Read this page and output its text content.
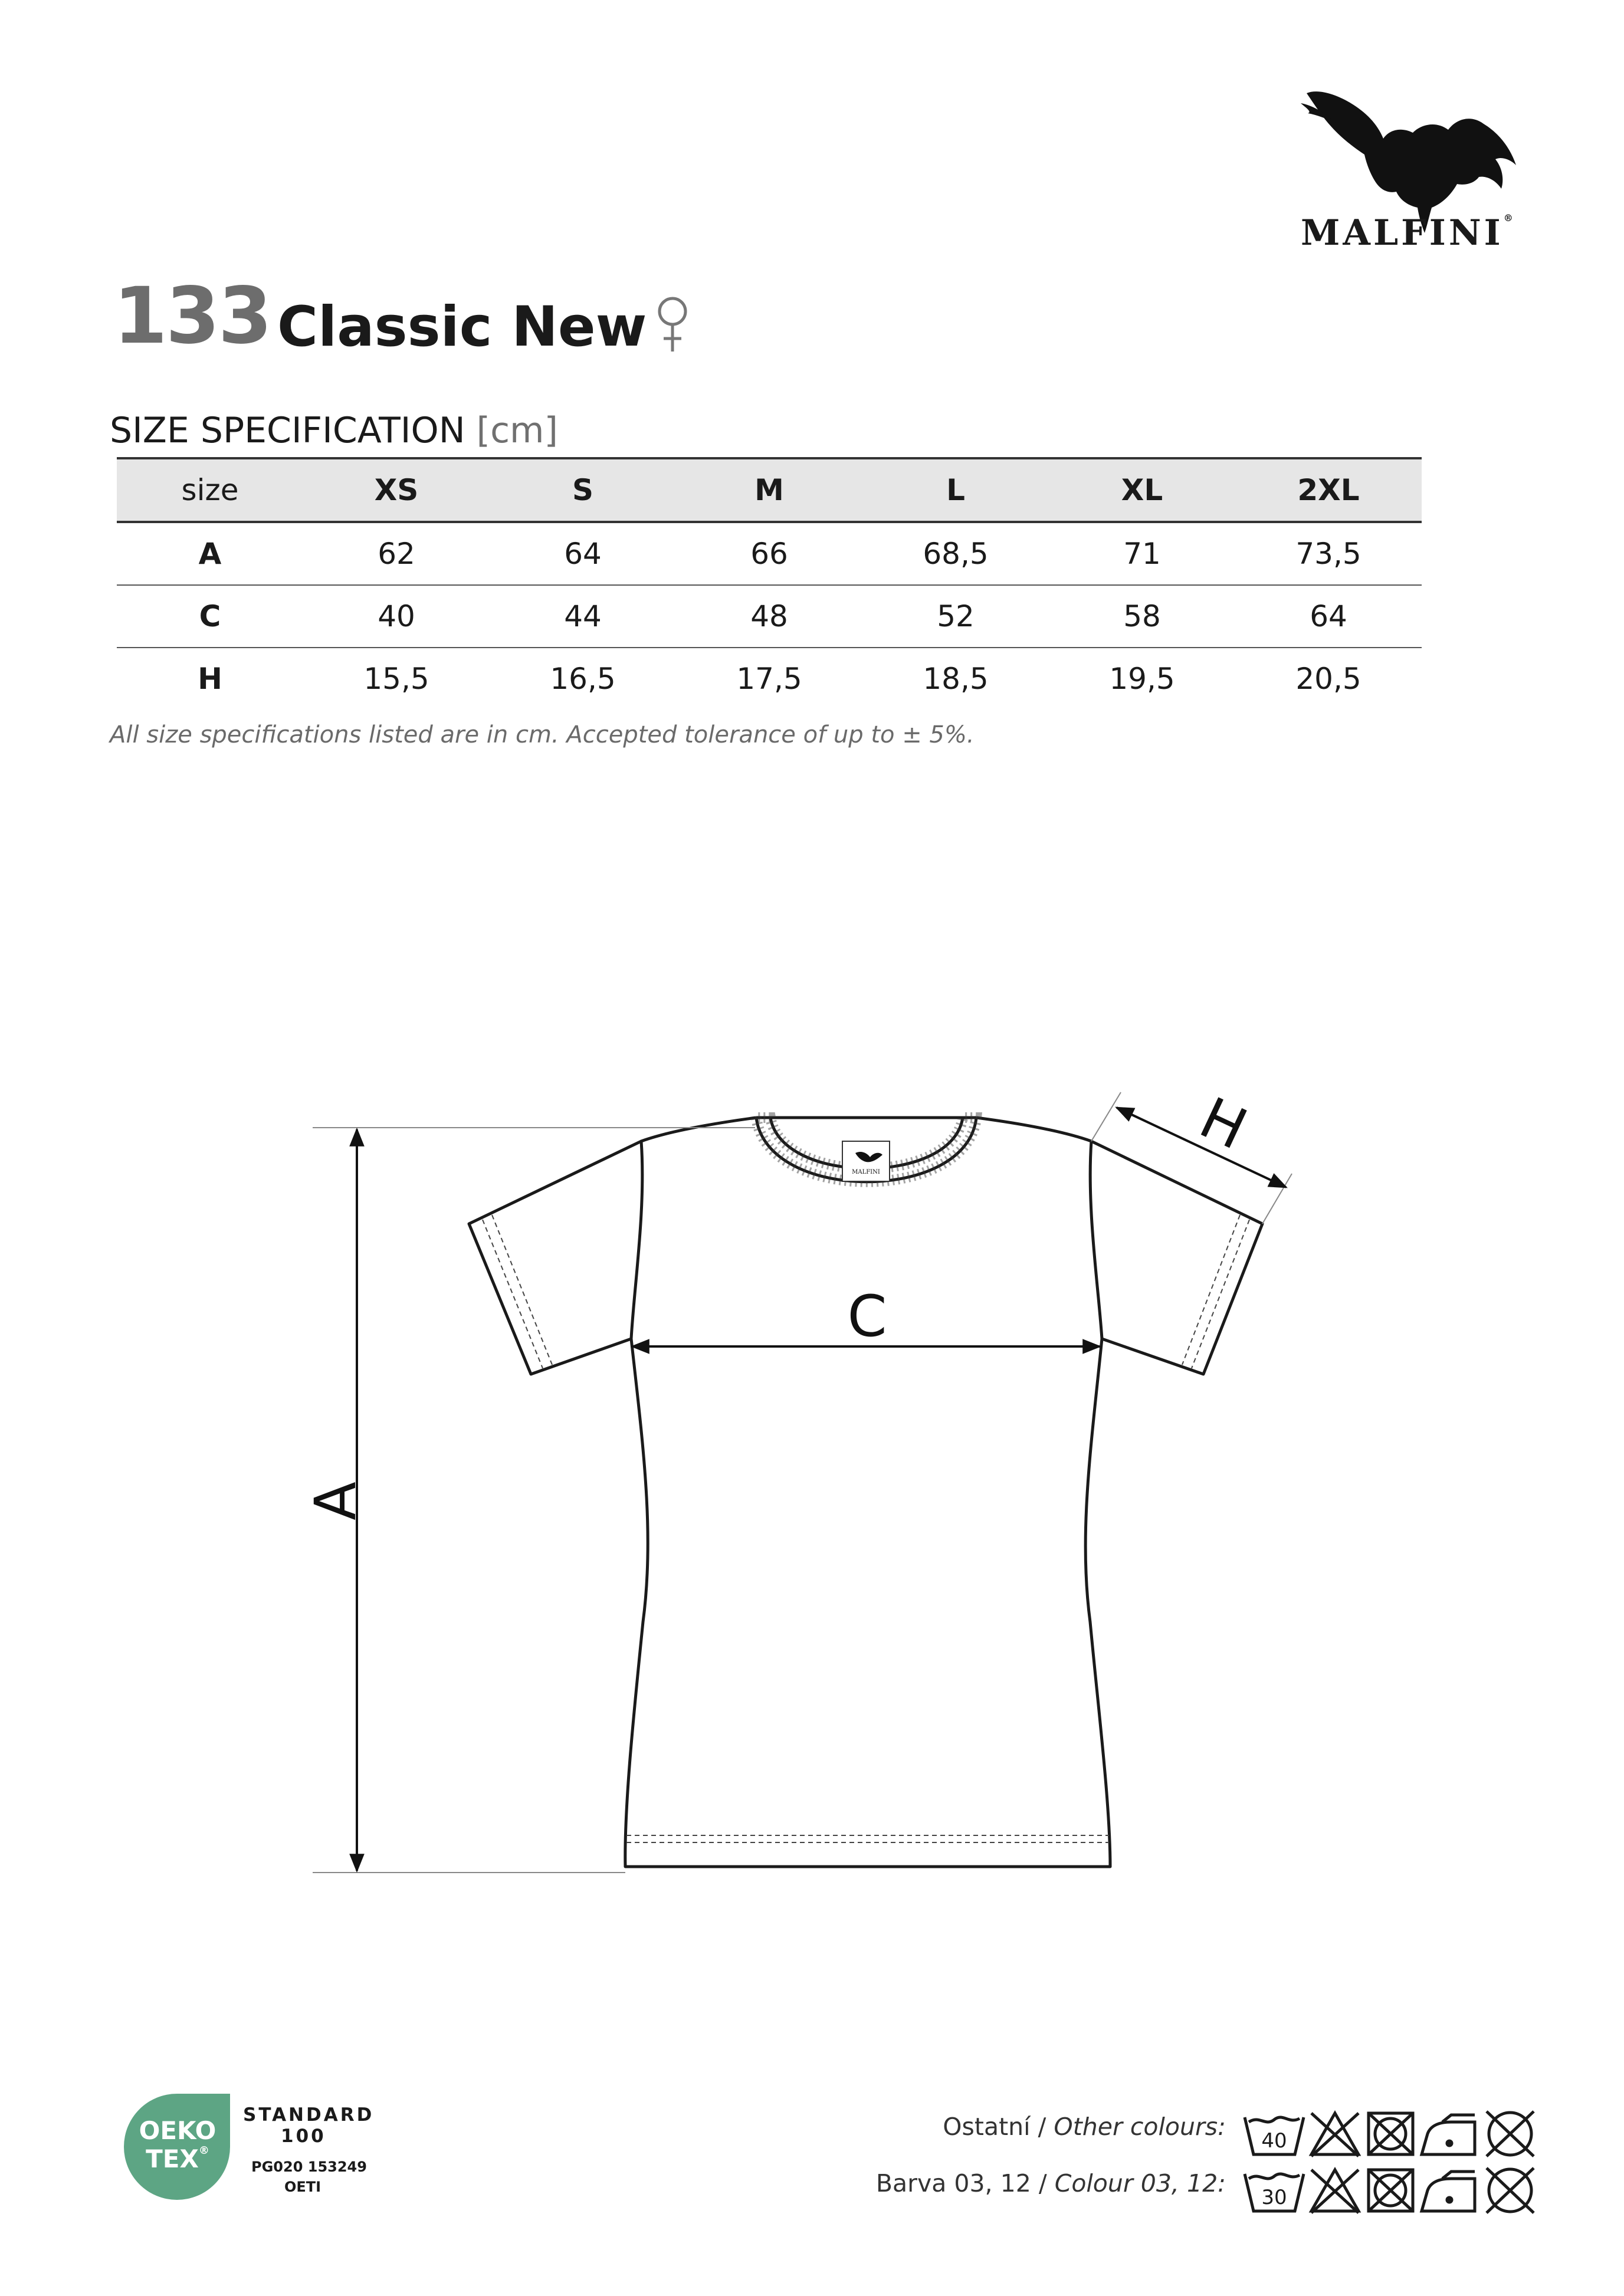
MALFINI®
133 Classic New
SIZE SPECIFICATION [cm]
size	XS	S	M	L	XL	2XL
A	62	64	66	68,5	71	73,5
C	40	44	48	52	58	64
H	15,5	16,5	17,5	18,5	19,5	20,5
All size specifications listed are in cm. Accepted tolerance of up to ± 5%.
MALFINI
A
C
H
OEKO
TEX®
STANDARD
100
PG020 153249
OETI
Ostatní / Other colours:
Barva 03, 12 / Colour 03, 12:
40
30
